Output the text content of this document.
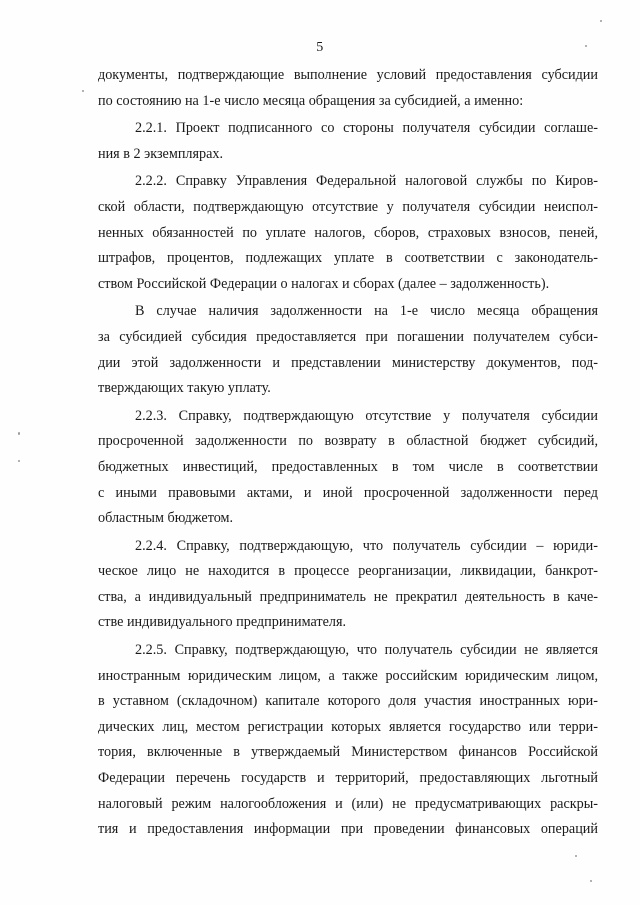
5
документы, подтверждающие выполнение условий предоставления субсидии
по состоянию на 1-е число месяца обращения за субсидией, а именно:
2.2.1. Проект подписанного со стороны получателя субсидии соглаше-
ния в 2 экземплярах.
2.2.2. Справку Управления Федеральной налоговой службы по Киров-
ской области, подтверждающую отсутствие у получателя субсидии неиспол-
ненных обязанностей по уплате налогов, сборов, страховых взносов, пеней,
штрафов, процентов, подлежащих уплате в соответствии с законодатель-
ством Российской Федерации о налогах и сборах (далее – задолженность).
В случае наличия задолженности на 1-е число месяца обращения
за субсидией субсидия предоставляется при погашении получателем субси-
дии этой задолженности и представлении министерству документов, под-
тверждающих такую уплату.
2.2.3. Справку, подтверждающую отсутствие у получателя субсидии
просроченной задолженности по возврату в областной бюджет субсидий,
бюджетных инвестиций, предоставленных в том числе в соответствии
с иными правовыми актами, и иной просроченной задолженности перед
областным бюджетом.
2.2.4. Справку, подтверждающую, что получатель субсидии – юриди-
ческое лицо не находится в процессе реорганизации, ликвидации, банкрот-
ства, а индивидуальный предприниматель не прекратил деятельность в каче-
стве индивидуального предпринимателя.
2.2.5. Справку, подтверждающую, что получатель субсидии не является
иностранным юридическим лицом, а также российским юридическим лицом,
в уставном (складочном) капитале которого доля участия иностранных юри-
дических лиц, местом регистрации которых является государство или терри-
тория, включенные в утверждаемый Министерством финансов Российской
Федерации перечень государств и территорий, предоставляющих льготный
налоговый режим налогообложения и (или) не предусматривающих раскры-
тия и предоставления информации при проведении финансовых операций
